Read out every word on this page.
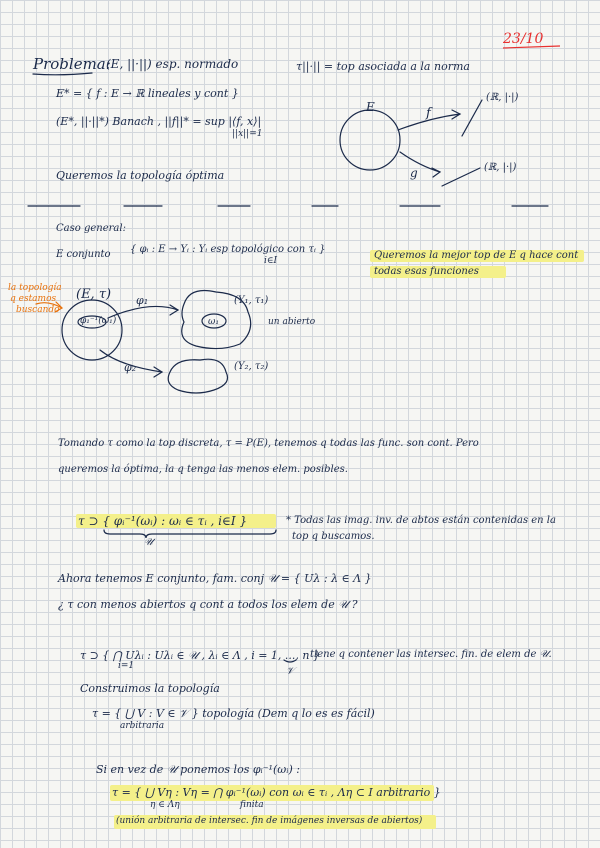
23/10
Problema:
(E, ||·||) esp. normado	τ||·|| = top asociada a la norma
E* = { f : E → ℝ lineales y cont }
(E*, ||·||*) Banach , ||f||* = sup |⟨f, x⟩|
||x||=1
E	f
g
(ℝ, |·|)
(ℝ, |·|)
Queremos la topología óptima
Caso general:
E conjunto { φᵢ : E → Yᵢ : Yᵢ esp topológico con τᵢ }
i∈I	Queremos la mejor top de E q hace cont
todas esas funciones
la topología
q estamos
buscando
(E, τ)
φ₁⁻¹(ω₁)
φ₁
φ₂
(Y₁, τ₁)
(Y₂, τ₂)
ω₁	un abierto
Tomando τ como la top discreta, τ = P(E), tenemos q todas las func. son cont. Pero
queremos la óptima, la q tenga las menos elem. posibles.
τ ⊃ { φᵢ⁻¹(ωᵢ) : ωᵢ ∈ τᵢ , i∈I }
𝒰
* Todas las imag. inv. de abtos están contenidas en la
top q buscamos.
Ahora tenemos E conjunto, fam. conj 𝒰 = { Uλ : λ ∈ Λ }
¿ τ con menos abiertos q cont a todos los elem de 𝒰 ?
τ ⊃ { ⋂ Uλᵢ : Uλᵢ ∈ 𝒰 , λᵢ ∈ Λ , i = 1, ..., n }
i=1	𝒱
tiene q contener las intersec. fin. de elem de 𝒰.
Construimos la topología
τ = { ⋃ V : V ∈ 𝒱 } topología (Dem q lo es es fácil)
arbitraria
Si en vez de 𝒰 ponemos los φᵢ⁻¹(ωᵢ) :
τ = { ⋃ Vη : Vη = ⋂ φᵢ⁻¹(ωᵢ) con ωᵢ ∈ τᵢ , Λη ⊂ I arbitrario }
η ∈ Λη	finita
(unión arbitraria de intersec. fin de imágenes inversas de abiertos)
